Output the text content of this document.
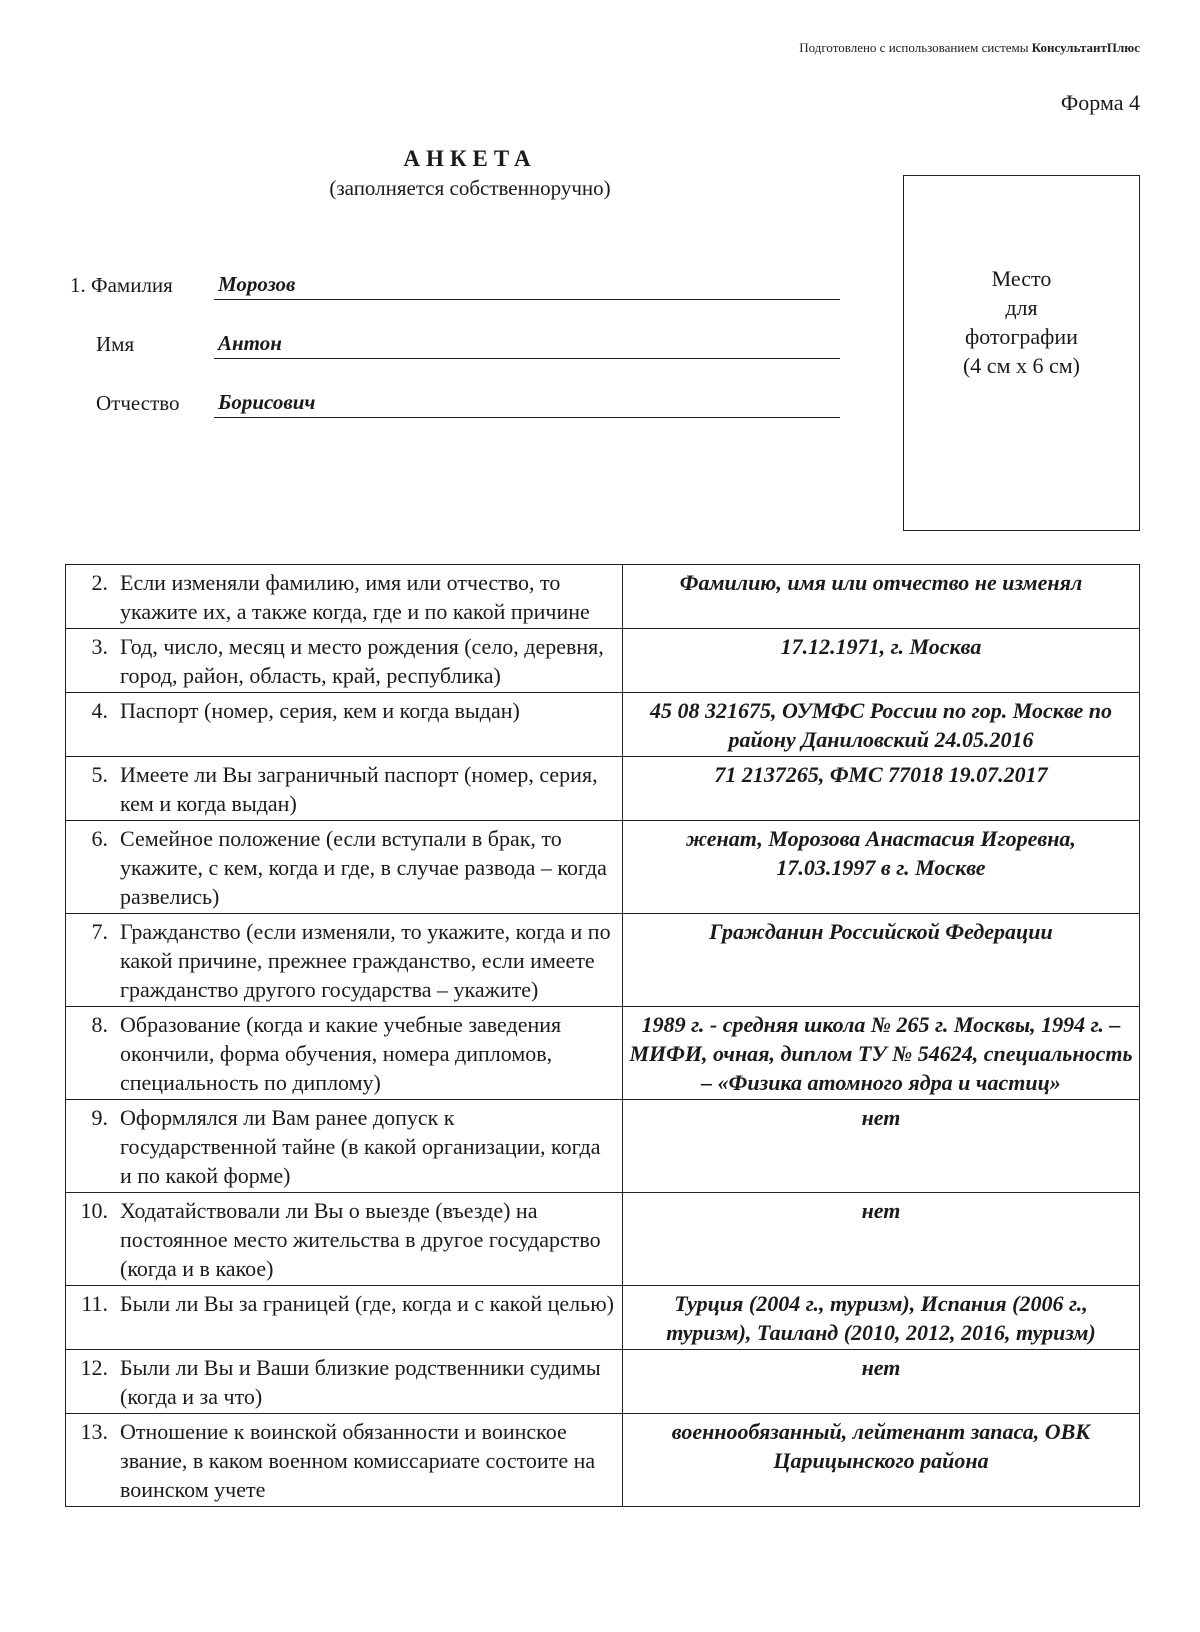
Подготовлено с использованием системы КонсультантПлюс
Форма 4
АНКЕТА
(заполняется собственноручно)
1. Фамилия Морозов
Имя	Антон
Отчество Борисович
Место
для
фотографии
(4 см х 6 см)
2.	Если изменяли фамилию, имя или отчество, то укажите их, а также когда, где и по какой причине	Фамилию, имя или отчество не изменял
3.	Год, число, месяц и место рождения (село, деревня, город, район, область, край, республика)	17.12.1971, г. Москва
4.	Паспорт (номер, серия, кем и когда выдан)	45 08 321675, ОУМФС России по гор. Москве по району Даниловский 24.05.2016
5.	Имеете ли Вы заграничный паспорт (номер, серия, кем и когда выдан)	71 2137265, ФМС 77018 19.07.2017
6.	Семейное положение (если вступали в брак, то укажите, с кем, когда и где, в случае развода – когда развелись)	женат, Морозова Анастасия Игоревна,
17.03.1997 в г. Москве
7.	Гражданство (если изменяли, то укажите, когда и по какой причине, прежнее гражданство, если имеете гражданство другого государства – укажите)	Гражданин Российской Федерации
8.	Образование (когда и какие учебные заведения окончили, форма обучения, номера дипломов, специальность по диплому)	1989 г. - средняя школа № 265 г. Москвы, 1994 г. – МИФИ, очная, диплом ТУ № 54624, специальность – «Физика атомного ядра и частиц»
9.	Оформлялся ли Вам ранее допуск к государственной тайне (в какой организации, когда и по какой форме)	нет
10.	Ходатайствовали ли Вы о выезде (въезде) на постоянное место жительства в другое государство (когда и в какое)	нет
11.	Были ли Вы за границей (где, когда и с какой целью)	Турция (2004 г., туризм), Испания (2006 г., туризм), Таиланд (2010, 2012, 2016, туризм)
12.	Были ли Вы и Ваши близкие родственники судимы (когда и за что)	нет
13.	Отношение к воинской обязанности и воинское звание, в каком военном комиссариате состоите на воинском учете	военнообязанный, лейтенант запаса, ОВК Царицынского района
